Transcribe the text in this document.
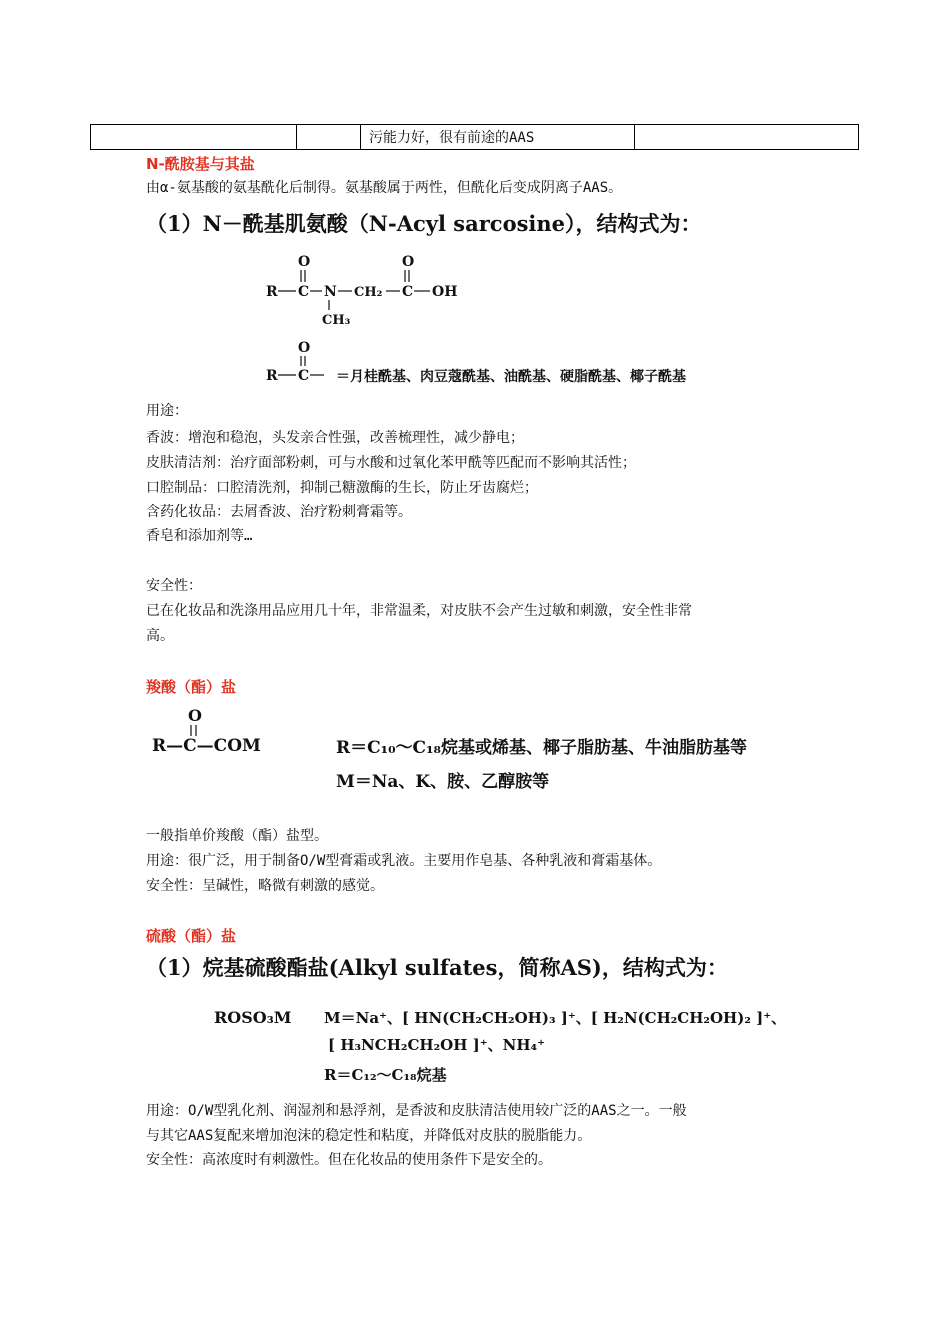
		污能力好，很有前途的AAS	
N-酰胺基与其盐
由α-氨基酸的氨基酰化后制得。氨基酸属于两性，但酰化后变成阴离子AAS。
（1）N－酰基肌氨酸（N-Acyl sarcosine），结构式为：
O
R C N CH₂
O
C OH
CH₃
O
R C ＝月桂酰基、肉豆蔻酰基、油酰基、硬脂酰基、椰子酰基
用途：
香波：增泡和稳泡，头发亲合性强，改善梳理性，减少静电；
皮肤清洁剂：治疗面部粉刺，可与水酸和过氧化苯甲酰等匹配而不影响其活性；
口腔制品：口腔清洗剂，抑制己糖激酶的生长，防止牙齿腐烂；
含药化妆品：去屑香波、治疗粉刺膏霜等。
香皂和添加剂等…
安全性：
已在化妆品和洗涤用品应用几十年，非常温柔，对皮肤不会产生过敏和刺激，安全性非常
高。
羧酸（酯）盐
O
R—C—COM	R＝C₁₀～C₁₈烷基或烯基、椰子脂肪基、牛油脂肪基等
M＝Na、K、胺、乙醇胺等
一般指单价羧酸（酯）盐型。
用途：很广泛，用于制备O/W型膏霜或乳液。主要用作皂基、各种乳液和膏霜基体。
安全性：呈碱性，略微有刺激的感觉。
硫酸（酯）盐
（1）烷基硫酸酯盐(Alkyl sulfates，简称AS)，结构式为：
ROSO₃M M＝Na⁺、[ HN(CH₂CH₂OH)₃ ]⁺、[ H₂N(CH₂CH₂OH)₂ ]⁺、
[ H₃NCH₂CH₂OH ]⁺、NH₄⁺
R＝C₁₂～C₁₈烷基
用途：O/W型乳化剂、润湿剂和悬浮剂，是香波和皮肤清洁使用较广泛的AAS之一。一般
与其它AAS复配来增加泡沫的稳定性和粘度，并降低对皮肤的脱脂能力。
安全性：高浓度时有刺激性。但在化妆品的使用条件下是安全的。
